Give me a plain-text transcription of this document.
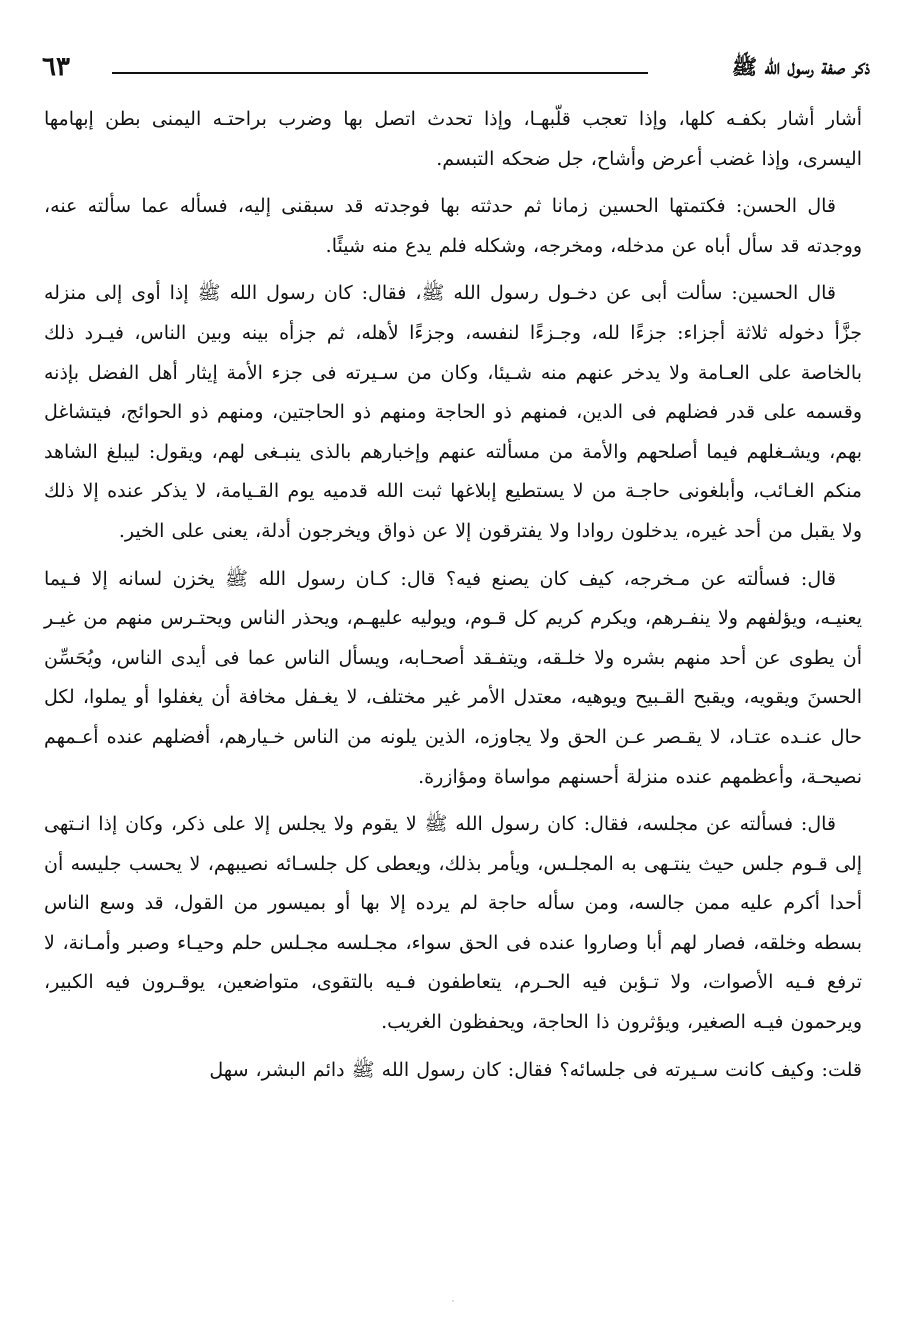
ذكر صفة رسول الله ﷺ
٦٣

أشار أشار بكفـه كلها، وإذا تعجب قلّبهـا، وإذا تحدث اتصل بها وضرب براحتـه اليمنى بطن إبهامها اليسرى، وإذا غضب أعرض وأشاح، جل ضحكه التبسم.

قال الحسن: فكتمتها الحسين زمانا ثم حدثته بها فوجدته قد سبقنى إليه، فسأله عما سألته عنه، ووجدته قد سأل أباه عن مدخله، ومخرجه، وشكله فلم يدع منه شيئًا.

قال الحسين: سألت أبى عن دخـول رسول الله ﷺ، فقال: كان رسول الله ﷺ إذا أوى إلى منزله جزَّأ دخوله ثلاثة أجزاء: جزءًا لله، وجـزءًا لنفسه، وجزءًا لأهله، ثم جزأه بينه وبين الناس، فيـرد ذلك بالخاصة على العـامة ولا يدخر عنهم منه شـيئا، وكان من سـيرته فى جزء الأمة إيثار أهل الفضل بإذنه وقسمه على قدر فضلهم فى الدين، فمنهم ذو الحاجة ومنهم ذو الحاجتين، ومنهم ذو الحوائج، فيتشاغل بهم، ويشـغلهم فيما أصلحهم والأمة من مسألته عنهم وإخبارهم بالذى ينبـغى لهم، ويقول: ليبلغ الشاهد منكم الغـائب، وأبلغونى حاجـة من لا يستطيع إبلاغها ثبت الله قدميه يوم القـيامة، لا يذكر عنده إلا ذلك ولا يقبل من أحد غيره، يدخلون روادا ولا يفترقون إلا عن ذواق ويخرجون أدلة، يعنى على الخير.

قال: فسألته عن مـخرجه، كيف كان يصنع فيه؟ قال: كـان رسول الله ﷺ يخزن لسانه إلا فـيما يعنيـه، ويؤلفهم ولا ينفـرهم، ويكرم كريم كل قـوم، ويوليه عليهـم، ويحذر الناس ويحتـرس منهم من غيـر أن يطوى عن أحد منهم بشره ولا خلـقه، ويتفـقد أصحـابه، ويسأل الناس عما فى أيدى الناس، ويُحَسِّن الحسنَ ويقويه، ويقبح القـبيح ويوهيه، معتدل الأمر غير مختلف، لا يغـفل مخافة أن يغفلوا أو يملوا، لكل حال عنـده عتـاد، لا يقـصر عـن الحق ولا يجاوزه، الذين يلونه من الناس خـيارهم، أفضلهم عنده أعـمهم نصيحـة، وأعظمهم عنده منزلة أحسنهم مواساة ومؤازرة.

قال: فسألته عن مجلسه، فقال: كان رسول الله ﷺ لا يقوم ولا يجلس إلا على ذكر، وكان إذا انـتهى إلى قـوم جلس حيث ينتـهى به المجلـس، ويأمر بذلك، ويعطى كل جلسـائه نصيبهم، لا يحسب جليسه أن أحدا أكرم عليه ممن جالسه، ومن سأله حاجة لم يرده إلا بها أو بميسور من القول، قد وسع الناس بسطه وخلقه، فصار لهم أبا وصاروا عنده فى الحق سواء، مجـلسه مجـلس حلم وحيـاء وصبر وأمـانة، لا ترفع فـيه الأصوات، ولا تـؤبن فيه الحـرم، يتعاطفون فـيه بالتقوى، متواضعين، يوقـرون فيه الكبير، ويرحمون فيـه الصغير، ويؤثرون ذا الحاجة، ويحفظون الغريب.

قلت: وكيف كانت سـيرته فى جلسائه؟ فقال: كان رسول الله ﷺ دائم البشر، سهل
